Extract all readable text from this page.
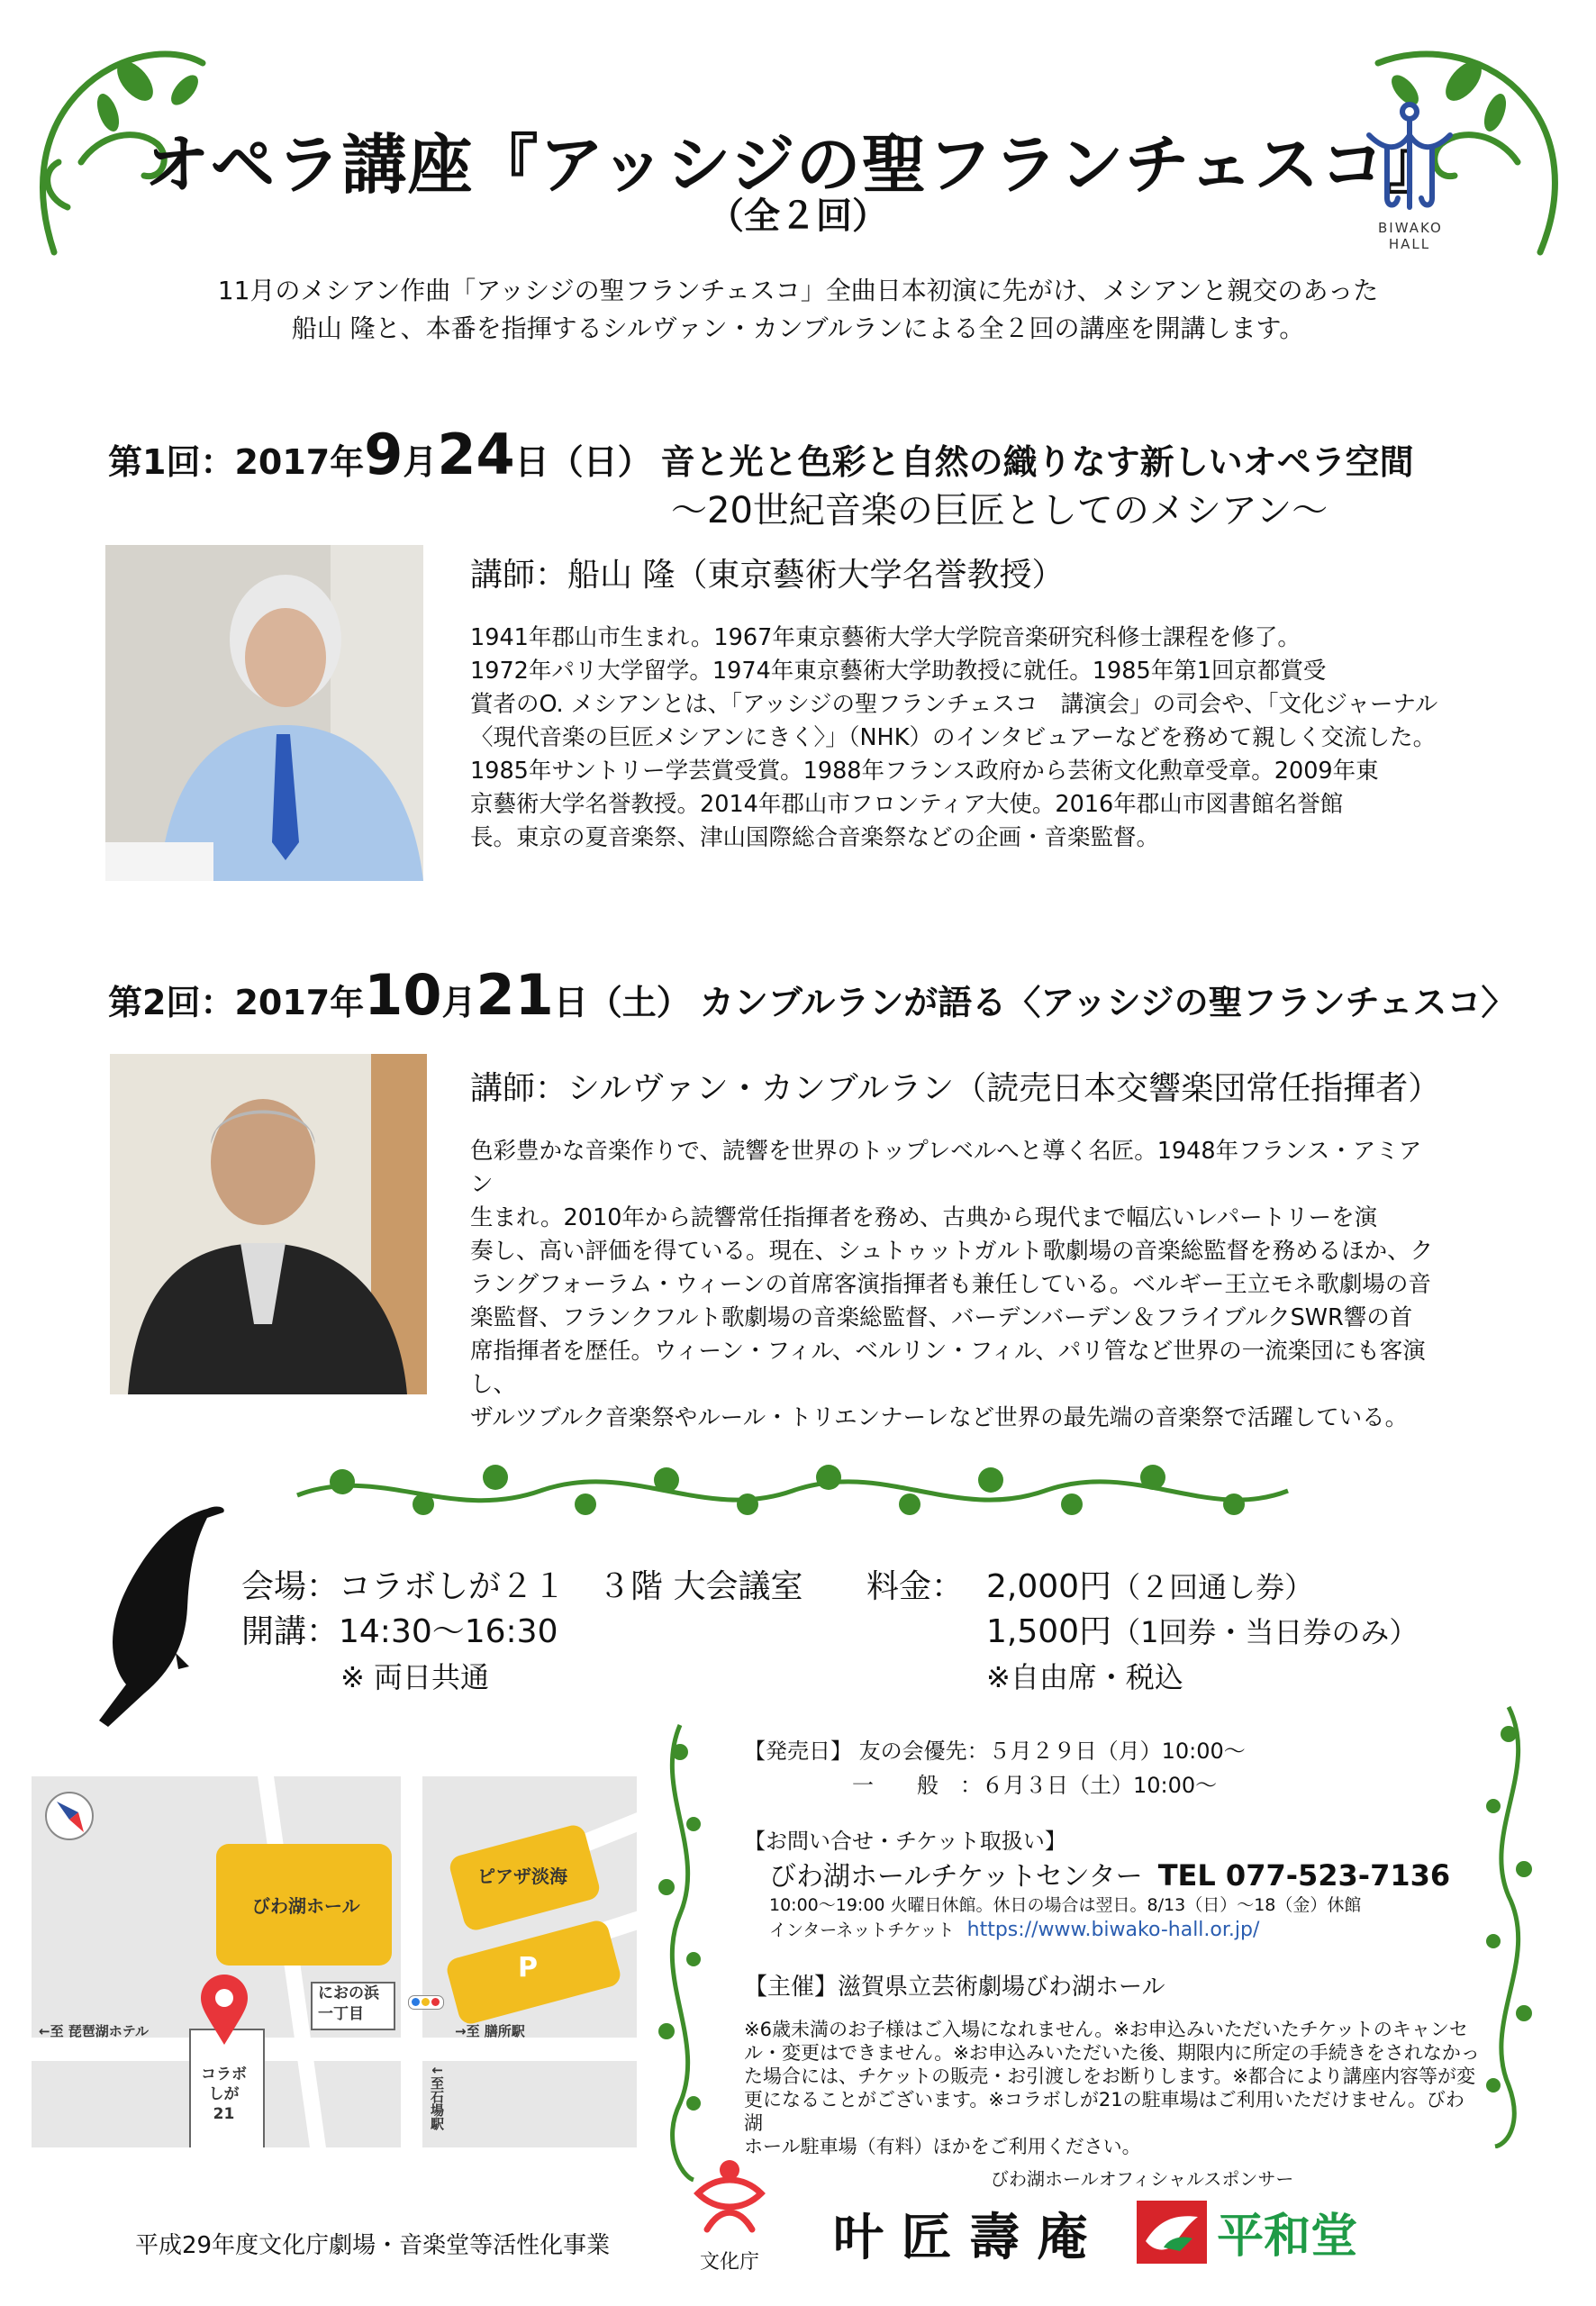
オペラ講座『アッシジの聖フランチェスコ』
（全２回）	BIWAKO HALL
11月のメシアン作曲「アッシジの聖フランチェスコ」全曲日本初演に先がけ、メシアンと親交のあった
船山 隆と、本番を指揮するシルヴァン・カンブルランによる全２回の講座を開講します。
第1回：2017年9月24日（日） 音と光と色彩と自然の織りなす新しいオペラ空間
～20世紀音楽の巨匠としてのメシアン～
講師：船山 隆（東京藝術大学名誉教授）
1941年郡山市生まれ。1967年東京藝術大学大学院音楽研究科修士課程を修了。
1972年パリ大学留学。1974年東京藝術大学助教授に就任。1985年第1回京都賞受
賞者のO. メシアンとは、「アッシジの聖フランチェスコ　講演会」の司会や、「文化ジャーナル
〈現代音楽の巨匠メシアンにきく〉」（NHK）のインタビュアーなどを務めて親しく交流した。
1985年サントリー学芸賞受賞。1988年フランス政府から芸術文化勲章受章。2009年東
京藝術大学名誉教授。2014年郡山市フロンティア大使。2016年郡山市図書館名誉館
長。東京の夏音楽祭、津山国際総合音楽祭などの企画・音楽監督。
第2回：2017年10月21日（土） カンブルランが語る〈アッシジの聖フランチェスコ〉
講師：シルヴァン・カンブルラン（読売日本交響楽団常任指揮者）
色彩豊かな音楽作りで、読響を世界のトップレベルへと導く名匠。1948年フランス・アミアン
生まれ。2010年から読響常任指揮者を務め、古典から現代まで幅広いレパートリーを演
奏し、高い評価を得ている。現在、シュトゥットガルト歌劇場の音楽総監督を務めるほか、ク
ラングフォーラム・ウィーンの首席客演指揮者も兼任している。ベルギー王立モネ歌劇場の音
楽監督、フランクフルト歌劇場の音楽総監督、バーデンバーデン＆フライブルクSWR響の首
席指揮者を歴任。ウィーン・フィル、ベルリン・フィル、パリ管など世界の一流楽団にも客演し、
ザルツブルク音楽祭やルール・トリエンナーレなど世界の最先端の音楽祭で活躍している。
会場：コラボしが２１　３階 大会議室
開講：14:30～16:30
※ 両日共通
料金： 2,000円（２回通し券）
1,500円（1回券・当日券のみ）
※自由席・税込
びわ湖ホール
ピアザ淡海
P
コラボ
しが
21
におの浜
一丁目
←至 琵琶湖ホテル	→至 膳所駅
↓至石場駅
【発売日】 友の会優先：５月２９日（月）10:00～
一　　般　：６月３日（土）10:00～
【お問い合せ・チケット取扱い】
びわ湖ホールチケットセンター TEL 077-523-7136
10:00～19:00 火曜日休館。休日の場合は翌日。8/13（日）～18（金）休館
インターネットチケット https://www.biwako-hall.or.jp/
【主催】滋賀県立芸術劇場びわ湖ホール
※6歳未満のお子様はご入場になれません。※お申込みいただいたチケットのキャンセ
ル・変更はできません。※お申込みいただいた後、期限内に所定の手続きをされなかっ
た場合には、チケットの販売・お引渡しをお断りします。※都合により講座内容等が変
更になることがございます。※コラボしが21の駐車場はご利用いただけません。びわ湖
ホール駐車場（有料）ほかをご利用ください。
平成29年度文化庁劇場・音楽堂等活性化事業
文化庁
びわ湖ホールオフィシャルスポンサー
叶 匠 壽 庵	平和堂
